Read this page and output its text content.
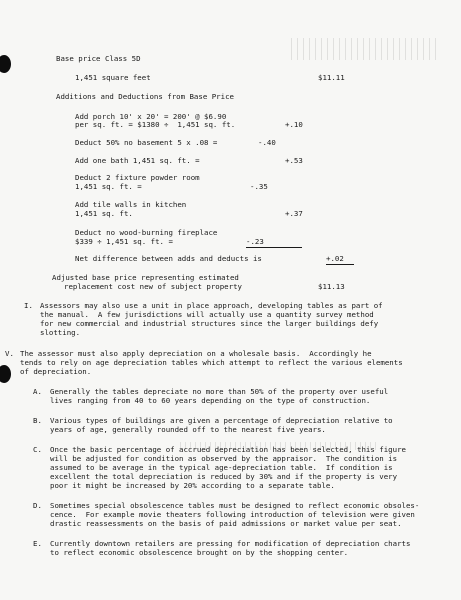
Base price Class 5D
1,451 square feet	$11.11
Additions and Deductions from Base Price
Add porch 10' x 20' = 200' @ $6.90
per sq. ft. = $1380 ÷  1,451 sq. ft.	+.10
Deduct 50% no basement 5 x .08 =	-.40
Add one bath 1,451 sq. ft. =	+.53
Deduct 2 fixture powder room
1,451 sq. ft. =	-.35
Add tile walls in kitchen
1,451 sq. ft.	+.37
Deduct no wood-burning fireplace
$339 ÷ 1,451 sq. ft. =	-.23
Net difference between adds and deducts is	+.02
Adjusted base price representing estimated
replacement cost new of subject property	$11.13
I. Assessors may also use a unit in place approach, developing tables as part of
the manual.  A few jurisdictions will actually use a quantity survey method
for new commercial and industrial structures since the larger buildings defy
slotting.
V. The assessor must also apply depreciation on a wholesale basis.  Accordingly he
tends to rely on age depreciation tables which attempt to reflect the various elements
of depreciation.
A. Generally the tables depreciate no more than 50% of the property over useful
lives ranging from 40 to 60 years depending on the type of construction.
B. Various types of buildings are given a percentage of depreciation relative to
years of age, generally rounded off to the nearest five years.
C. Once the basic percentage of accrued depreciation has been selected, this figure
will be adjusted for condition as observed by the appraisor.  The condition is
assumed to be average in the typical age-depreciation table.  If condition is
excellent the total depreciation is reduced by 30% and if the property is very
poor it might be increased by 20% according to a separate table.
D. Sometimes special obsolescence tables must be designed to reflect economic obsoles-
cence.  For example movie theaters following introduction of television were given
drastic reassessments on the basis of paid admissions or market value per seat.
E. Currently downtown retailers are pressing for modification of depreciation charts
to reflect economic obsolescence brought on by the shopping center.
